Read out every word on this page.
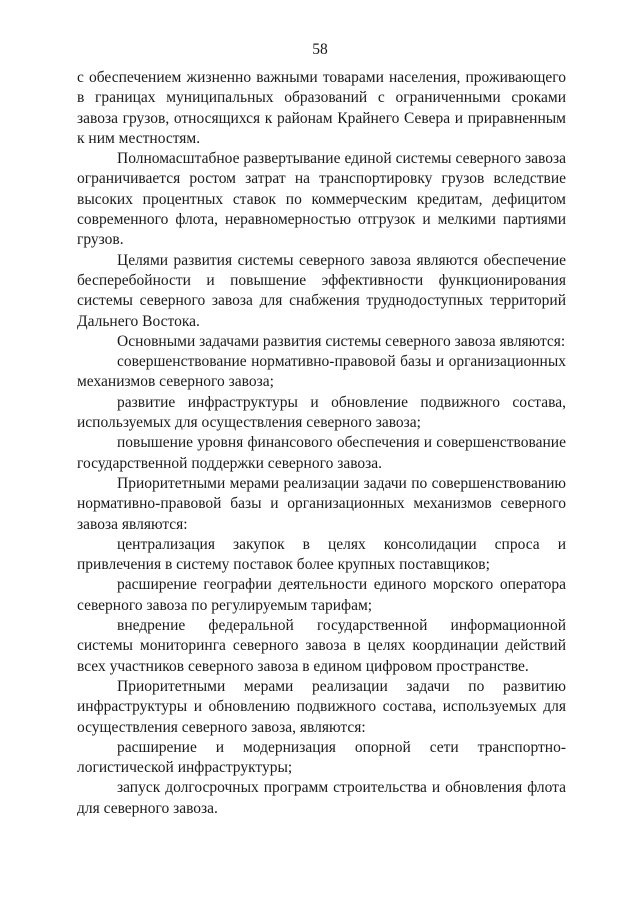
58

с обеспечением жизненно важными товарами населения, проживающего в границах муниципальных образований с ограниченными сроками завоза грузов, относящихся к районам Крайнего Севера и приравненным к ним местностям.

Полномасштабное развертывание единой системы северного завоза ограничивается ростом затрат на транспортировку грузов вследствие высоких процентных ставок по коммерческим кредитам, дефицитом современного флота, неравномерностью отгрузок и мелкими партиями грузов.

Целями развития системы северного завоза являются обеспечение бесперебойности и повышение эффективности функционирования системы северного завоза для снабжения труднодоступных территорий Дальнего Востока.

Основными задачами развития системы северного завоза являются:

совершенствование нормативно-правовой базы и организационных механизмов северного завоза;

развитие инфраструктуры и обновление подвижного состава, используемых для осуществления северного завоза;

повышение уровня финансового обеспечения и совершенствование государственной поддержки северного завоза.

Приоритетными мерами реализации задачи по совершенствованию нормативно-правовой базы и организационных механизмов северного завоза являются:

централизация закупок в целях консолидации спроса и привлечения в систему поставок более крупных поставщиков;

расширение географии деятельности единого морского оператора северного завоза по регулируемым тарифам;

внедрение федеральной государственной информационной системы мониторинга северного завоза в целях координации действий всех участников северного завоза в едином цифровом пространстве.

Приоритетными мерами реализации задачи по развитию инфраструктуры и обновлению подвижного состава, используемых для осуществления северного завоза, являются:

расширение и модернизация опорной сети транспортно-логистической инфраструктуры;

запуск долгосрочных программ строительства и обновления флота для северного завоза.
